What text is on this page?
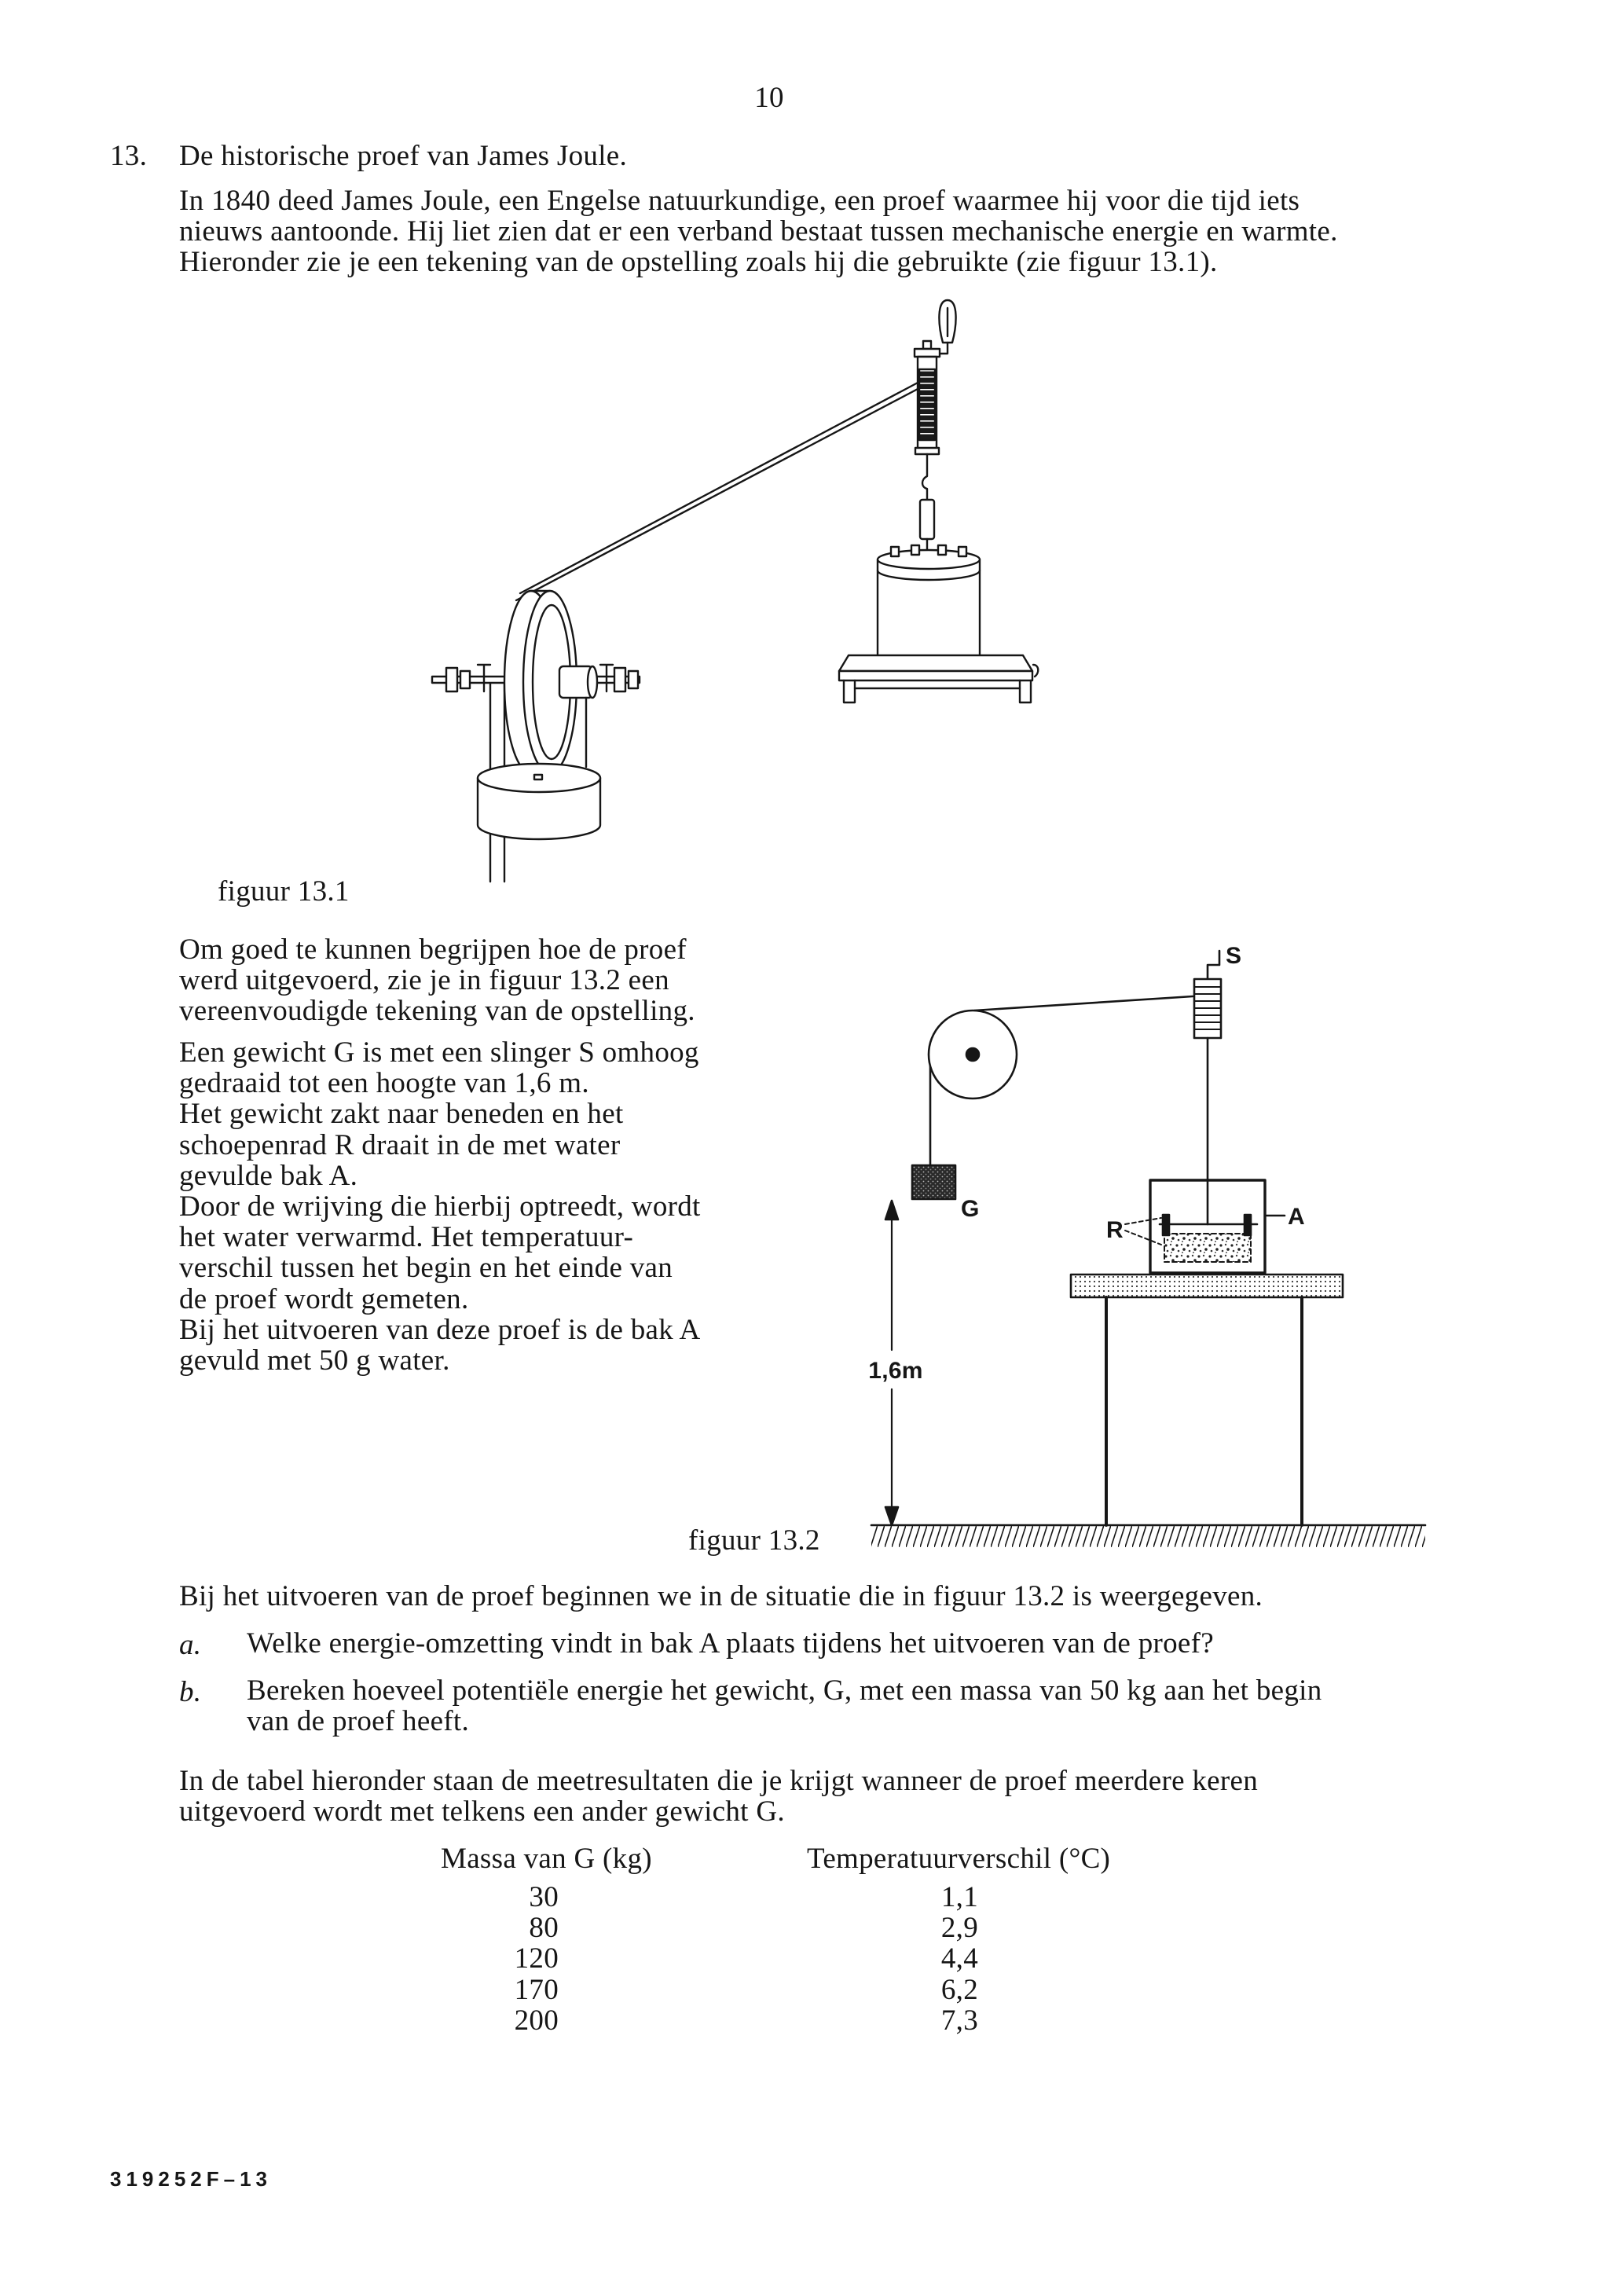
10
13. De historische proef van James Joule.
In 1840 deed James Joule, een Engelse natuurkundige, een proef waarmee hij voor die tijd iets
nieuws aantoonde. Hij liet zien dat er een verband bestaat tussen mechanische energie en warmte.
Hieronder zie je een tekening van de opstelling zoals hij die gebruikte (zie figuur 13.1).
figuur 13.1
Om goed te kunnen begrijpen hoe de proef
werd uitgevoerd, zie je in figuur 13.2 een
vereenvoudigde tekening van de opstelling.
Een gewicht G is met een slinger S omhoog
gedraaid tot een hoogte van 1,6 m.
Het gewicht zakt naar beneden en het
schoepenrad R draait in de met water
gevulde bak A.
Door de wrijving die hierbij optreedt, wordt
het water verwarmd. Het temperatuur-
verschil tussen het begin en het einde van
de proef wordt gemeten.
Bij het uitvoeren van deze proef is de bak A
gevuld met 50 g water.
S
G
R
A
1,6m
figuur 13.2
Bij het uitvoeren van de proef beginnen we in de situatie die in figuur 13.2 is weergegeven.
a. Welke energie-omzetting vindt in bak A plaats tijdens het uitvoeren van de proef?
b. Bereken hoeveel potentiële energie het gewicht, G, met een massa van 50 kg aan het begin
van de proef heeft.
In de tabel hieronder staan de meetresultaten die je krijgt wanneer de proef meerdere keren
uitgevoerd wordt met telkens een ander gewicht G.
Massa van G (kg)	Temperatuurverschil (°C)
30
80
120
170
200
1,1
2,9
4,4
6,2
7,3
319252F–13
